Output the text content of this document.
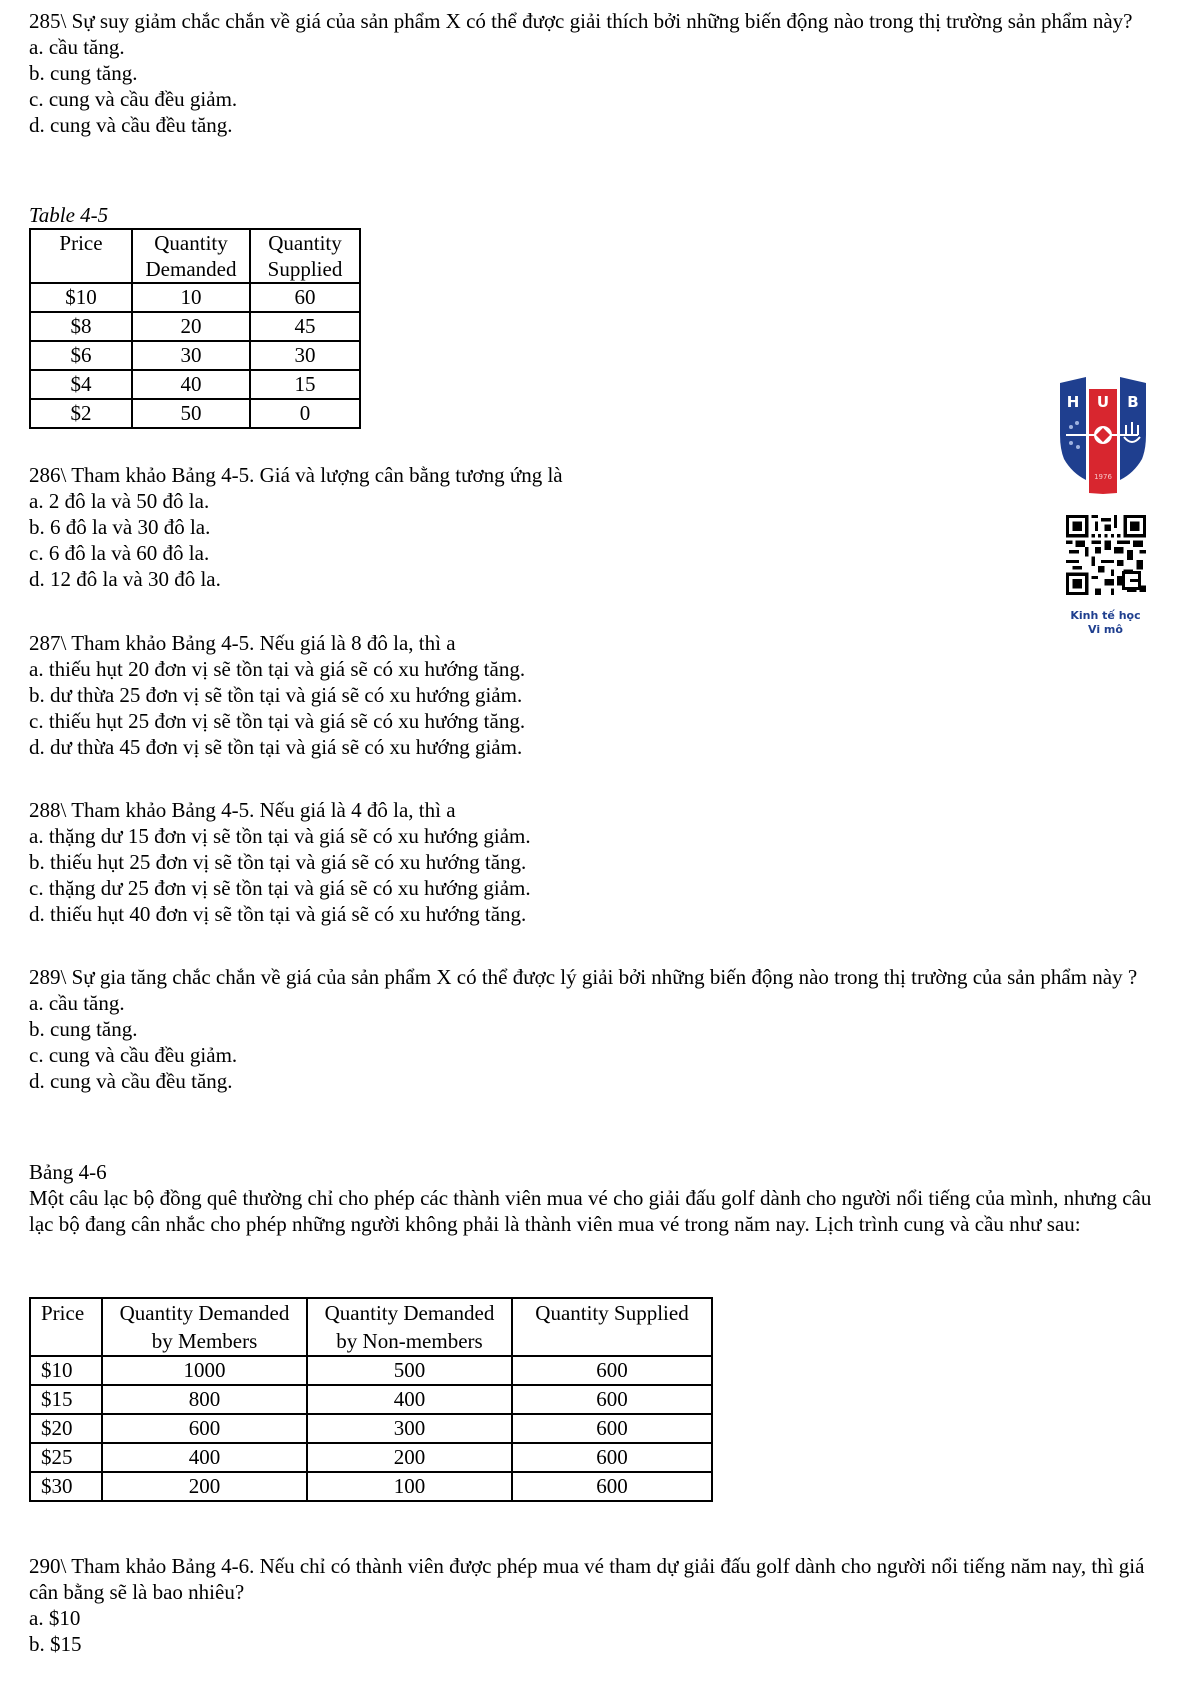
285\ Sự suy giảm chắc chắn về giá của sản phẩm X có thể được giải thích bởi những biến động nào trong thị trường sản phẩm này?

a. cầu tăng.

b. cung tăng.

c. cung và cầu đều giảm.

d. cung và cầu đều tăng.

Table 4-5
Price	Quantity Demanded	Quantity Supplied
$10	10	60
$8	20	45
$6	30	30
$4	40	15
$2	50	0

286\ Tham khảo Bảng 4-5. Giá và lượng cân bằng tương ứng là

a. 2 đô la và 50 đô la.

b. 6 đô la và 30 đô la.

c. 6 đô la và 60 đô la.

d. 12 đô la và 30 đô la.

287\ Tham khảo Bảng 4-5. Nếu giá là 8 đô la, thì a

a. thiếu hụt 20 đơn vị sẽ tồn tại và giá sẽ có xu hướng tăng.

b. dư thừa 25 đơn vị sẽ tồn tại và giá sẽ có xu hướng giảm.

c. thiếu hụt 25 đơn vị sẽ tồn tại và giá sẽ có xu hướng tăng.

d. dư thừa 45 đơn vị sẽ tồn tại và giá sẽ có xu hướng giảm.

288\ Tham khảo Bảng 4-5. Nếu giá là 4 đô la, thì a

a. thặng dư 15 đơn vị sẽ tồn tại và giá sẽ có xu hướng giảm.

b. thiếu hụt 25 đơn vị sẽ tồn tại và giá sẽ có xu hướng tăng.

c. thặng dư 25 đơn vị sẽ tồn tại và giá sẽ có xu hướng giảm.

d. thiếu hụt 40 đơn vị sẽ tồn tại và giá sẽ có xu hướng tăng.

289\ Sự gia tăng chắc chắn về giá của sản phẩm X có thể được lý giải bởi những biến động nào trong thị trường của sản phẩm này ?

a. cầu tăng.

b. cung tăng.

c. cung và cầu đều giảm.

d. cung và cầu đều tăng.

Bảng 4-6

Một câu lạc bộ đồng quê thường chỉ cho phép các thành viên mua vé cho giải đấu golf dành cho người nổi tiếng của mình, nhưng câu lạc bộ đang cân nhắc cho phép những người không phải là thành viên mua vé trong năm nay. Lịch trình cung và cầu như sau:

Price	Quantity Demanded by Members	Quantity Demanded by Non-members	Quantity Supplied
$10	1000	500	600
$15	800	400	600
$20	600	300	600
$25	400	200	600
$30	200	100	600

290\ Tham khảo Bảng 4-6. Nếu chỉ có thành viên được phép mua vé tham dự giải đấu golf dành cho người nổi tiếng năm nay, thì giá cân bằng sẽ là bao nhiêu?

a. $10

b. $15

H U B
1976
Kinh tế học
Vi mô
